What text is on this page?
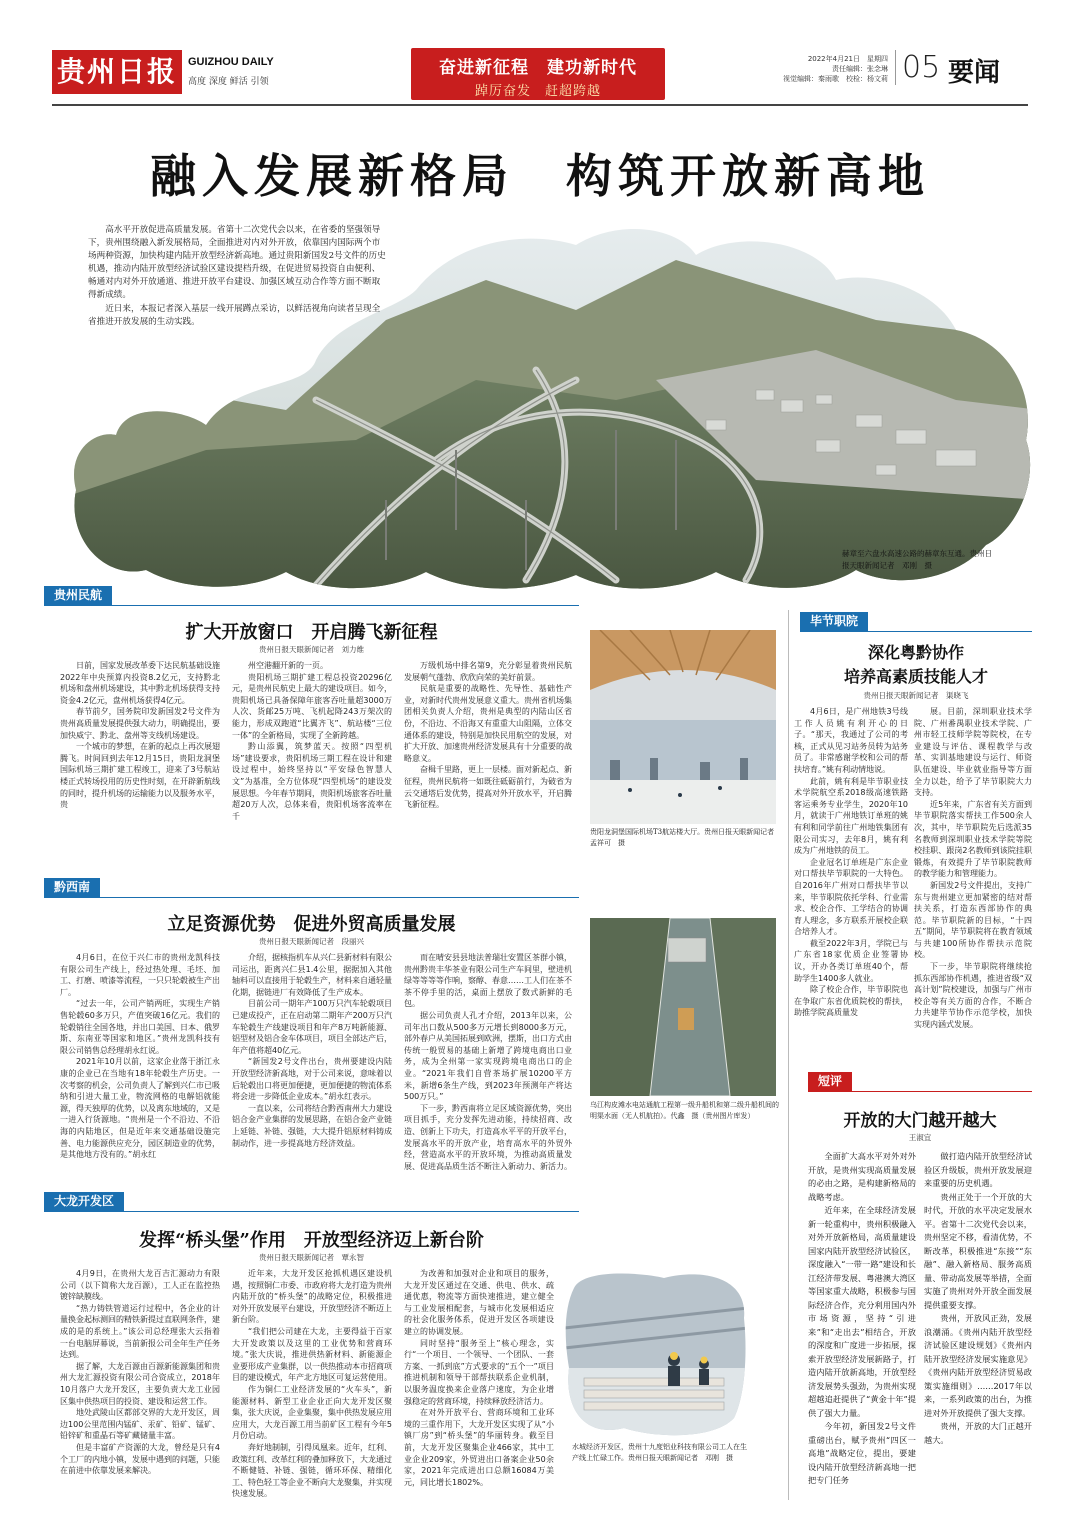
贵州日报	GUIZHOU DAILY
高度 深度 鲜活 引领
奋进新征程　建功新时代
踔厉奋发　赶超跨越
2022年4月21日　星期四
责任编辑：张念琳
视觉编辑：秦雨歌　校检：杨文莉 05 要闻
融入发展新格局　构筑开放新高地

高水平开放促进高质量发展。省第十二次党代会以来，在省委的坚强领导下，贵州围绕融入新发展格局，全面推进对内对外开放，依靠国内国际两个市场两种资源，加快构建内陆开放型经济新高地。通过贵阳新国发2号文件的历史机遇，推动内陆开放型经济试验区建设提档升级，在促进贸易投资自由便利、畅通对内对外开放通道、推进开放平台建设、加强区域互动合作等方面不断取得新成绩。

近日来，本报记者深入基层一线开展蹲点采访，以鲜活视角向读者呈现全省推进开放发展的生动实践。

赫章至六盘水高速公路的赫章东互通。贵州日报天眼新闻记者　邓刚　摄
贵州民航
扩大开放窗口　开启腾飞新征程
贵州日报天眼新闻记者　刘力维

日前，国家发展改革委下达民航基础设施2022年中央预算内投资8.2亿元，支持黔北机场和盘州机场建设，其中黔北机场获得支持资金4.2亿元，盘州机场获得4亿元。

春节前夕，国务院印发新国发2号文件为贵州高质量发展提供强大动力，明确提出，要加快威宁、黔北、盘州等支线机场建设。

一个城市的梦想，在新的起点上再次展翅腾飞。时间回到去年12月15日，贵阳龙洞堡国际机场三期扩建工程竣工，迎来了3号航站楼正式转场投用的历史性时刻，在开辟新航线的同时，提升机场的运输能力以及服务水平，贵

州空港翻开新的一页。

贵阳机场三期扩建工程总投资20296亿元，是贵州民航史上最大的建设项目。如今，贵阳机场已具备保障年旅客吞吐量超3000万人次、货邮25万吨、飞机起降243万架次的能力，形成双跑道“比翼齐飞”、航站楼“三位一体”的全新格局，实现了全新跨越。

黔山添翼，筑梦蓝天。按照“四型机场”建设要求，贵阳机场三期工程在设计和建设过程中，始终坚持以“平安绿色智慧人文”为基准，全方位体现“四型机场”的建设发展思想。今年春节期间，贵阳机场旅客吞吐量超20万人次，总体来看，贵阳机场客流率在千

万级机场中排名第9，充分彰显着贵州民航发展朝气蓬勃、欣欣向荣的美好前景。

民航是重要的战略性、先导性、基础性产业，对新时代贵州发展意义重大。贵州省机场集团相关负责人介绍，贵州是典型的内陆山区省份，不沿边、不沿海又有重重大山阻隔，立体交通体系的建设，特别是加快民用航空的发展，对扩大开放、加速贵州经济发展具有十分重要的战略意义。

奋楫千里路，更上一层楼。面对新起点、新征程，贵州民航将一如既往砥砺前行，为破省为云交通塔后发优势，提高对外开放水平，开启腾飞新征程。

贵阳龙洞堡国际机场T3航站楼大厅。贵州日报天眼新闻记者　孟祥可　摄
黔西南
立足资源优势　促进外贸高质量发展
贵州日报天眼新闻记者　段丽兴

4月6日，在位于兴仁市的贵州龙凯科技有限公司生产线上，经过热处理、毛坯、加工、打磨、喷漆等流程，一只只轮毂被生产出厂。

“过去一年，公司产销两旺，实现生产销售轮毂60多万只，产值突破16亿元。我们的轮毂销往全国各地，并出口美国、日本、俄罗斯、东南亚等国家和地区。”贵州龙凯科技有限公司销售总经理胡永红说。

2021年10月以前，这家企业落于浙江永康的企业已在当地有18年轮毂生产历史。一次考察的机会，公司负责人了解到兴仁市已吸纳和引进大量工业，物流网格的电解铝就能源，得天独厚的优势，以及离东地域的，又是一进入行货源地。“贵州是一个不沿边、不沿海的内陆地区，但是近年来交通基础设施完善、电力能源供应充分，园区制造业的优势，是其他地方没有的。”胡永红

介绍，据核指机车从兴仁县新材料有限公司运出，距离兴仁县1.4公里，据据加入其他轴料可以直接用于轮毂生产，材料来自通轻量化期，据链进厂有效降低了生产成本。

目前公司一期年产100万只汽车轮毂项目已建成投产，正在启动第二期年产200万只汽车轮毂生产线建设项目和年产8万吨新能源、铝型材及铝合金车体项目，项目全部达产后，年产值将超40亿元。

“新国发2号文件出台，贵州要建设内陆开放型经济新高地，对于公司来说，意味着以后轮毂出口将更加便捷，更加便捷的物流体系将会进一步降低企业成本。”胡永红表示。

一直以来，公司将结合黔西南州大力建设铝合金产业集群的发展思路，在铝合金产业链上延链、补链、强链，大大提升铝原材料铸成制动作，进一步提高地方经济效益。

而在晴安县县地法普瑞壮安置区茶群小镇，贵州黔贵丰华茶业有限公司生产车间里，壁进机绿等等等等作响，察醇、春意……工人们在茶不茶不停手里的活，桌面上摆放了数式新鲜的毛包。

据公司负责人孔才介绍，2013年以来，公司年出口数从500多万元增长到8000多万元，部外春户从美国拓展到欧洲，摆斯，出口方式由传统一般贸易的基础上新增了跨境电商出口业务，成为全州第一家实现跨境电商出口的企业。“2021年我们自营茶场扩展10200平方米，新增6条生产线，到2023年预测年产将达500万只。”

下一步，黔西南将立足区域资源优势，突出项目抓手，充分发挥先进动能，持续招商、改造、创新上下功夫，打造高水平平的开放平台，发展高水平的开放产业，培育高水平的外贸外经，营造高水平的开放环境，为推动高质量发展、促进高品质生活不断注入新动力、新活力。

乌江构皮滩水电站通航工程第一级升船机和第二级升船机间的明渠水面（无人机航拍）。代鑫　摄（贵州图片库发）
大龙开发区
发挥“桥头堡”作用　开放型经济迈上新台阶
贵州日报天眼新闻记者　覃永智

4月9日，在贵州大龙百吉汇源动力有限公司（以下简称大龙百源），工人正在监控热镀锌缺膜线。

“热力铸铁管道运行过程中，各企业的计量换金起标测回的精铁新提过直联网条件，建成的是的系统上。”该公司总经理张大云指着一台电脑屏幕说，当前新报公司全年生产任务达到。

据了解，大龙百源由百源新能源集团和贵州大龙汇源投资有限公司合资成立，2018年10月落户大龙开发区，主要负责大龙工业园区集中供热项目的投资、建设和运营工作。

地处武陵山区都部交界的大龙开发区，周边100公里范围内锰矿、汞矿、铅矿、锰矿、铅锌矿和重晶石等矿藏储量丰富。

但是丰富矿产资源的大龙，曾经是只有4个工厂的内地小镇，发展中遇到的问题，只能在前进中依靠发展来解决。

近年来，大龙开发区抢抓机遇区建设机遇，按照铜仁市委、市政府将大龙打造为贵州内陆开放的“桥头堡”的战略定位，积极推进对外开放发展平台建设，开放型经济不断迈上新台阶。

“我们把公司建在大龙，主要得益于百家大开发政策以及这里的工业优势和营商环境。”张大庆说，推进供热新材料、新能源企业要形成产业集群，以一供热推动本市招商项目的建设模式，年产北方地区可复运营使用。

作为铜仁工业经济发展的“火车头”，新能源材料、新型工业企业正向大龙开发区聚集，张大庆说，企业集聚，集中供热发展应用应用大，大龙百源工用当前矿区工程有今年5月份启动。

奔好地制制，引得凤凰来。近年，红利、政策红利、改革红利的叠加释放下，大龙通过不断健链、补链、强链，循环环保、精细化工、特色轻工等企业不断向大龙聚集，并实现快速发展。

为改善和加强对企业和项目的服务，大龙开发区通过在交通、供电、供水、疏通优惠，物流等方面快速推进，建立健全与工业发展相配套，与城市化发展相适应的社会化服务体系，促进开发区各项建设建立的协调发展。

同时坚持“服务至上”核心理念，实行“一个项目、一个领导、一个团队、一套方案、一抓到底”方式要求的“五个一”项目推进机制和领导干部帮扶联系企业机制，以服务温度换来企业落户速度，为企业增强稳定的营商环境，持续释放经济活力。

在对外开放平台、营商环境和工业环境的三重作用下，大龙开发区实现了从“小镇厂房”到“桥头堡”的华丽转身。截至目前，大龙开发区聚集企业466家，其中工业企业209家，外贸进出口备案企业50余家，2021年完成进出口总额16084万美元，同比增长1802%。

水城经济开发区，贵州十九度铝业科技有限公司工人在生产线上忙碌工作。贵州日报天眼新闻记者　邓刚　摄
毕节职院
深化粤黔协作
培养高素质技能人才
贵州日报天眼新闻记者　渠晓飞

4月6日，是广州地铁3号线工作人员姚有利开心的日子。“那天，我通过了公司的考核，正式从见习站务员转为站务员了。非常感谢学校和公司的帮扶培育。”姚有利动情地说。

此前，姚有利是毕节职业技术学院航空系2018级高速铁路客运乘务专业学生，2020年10月，就读于广州地铁订单班的姚有利和同学前往广州地铁集团有限公司实习，去年8月，姚有利成为广州地铁的员工。

企业冠名订单班是广东企业对口帮扶毕节职院的一大特色。自2016年广州对口帮扶毕节以来，毕节职院依托学科、行业需求、校企合作、工学结合的协调育人理念，多方联系开展校企联合培养人才。

截至2022年3月，学院已与广东省18家优质企业签署协议，开办各类订单班40个，帮助学生1400多人就业。

除了校企合作，毕节职院也在争取广东省优质院校的帮扶，助推学院高质量发

展。目前，深圳职业技术学院、广州番禺职业技术学院、广州市轻工技师学院等院校，在专业建设与评估、课程教学与改革、实训基地建设与运行、师资队伍建设、毕业就业指导等方面全力以赴，给予了毕节职院大力支持。

近5年来，广东省有关方面到毕节职院落实帮扶工作500余人次，其中，毕节职院先后选派35名教师到深圳职业技术学院等院校挂职、跟岗2名教师到该院挂职锻炼，有效提升了毕节职院教师的教学能力和管理能力。

新国发2号文件提出，支持广东与贵州建立更加紧密的结对帮扶关系，打造东西部协作的典范。毕节职院新的目标，“十四五”期间，毕节职院将在教育领域与共建100所协作帮扶示范院校。

下一步，毕节职院将继续抢抓东西部协作机遇，推进省级“双高计划”院校建设，加强与广州市校企等有关方面的合作，不断合力共建毕节协作示范学校，加快实现内涵式发展。

短评
开放的大门越开越大
王淑宜

全面扩大高水平对外对外开放，是贵州实现高质量发展的必由之路，是构建新格局的战略考虑。

近年来，在全球经济发展新一轮重构中，贵州积极融入对外开放新格局，高质量建设国家内陆开放型经济试验区，深度融入“一带一路”建设和长江经济带发展、粤港澳大湾区等国家重大战略，积极参与国际经济合作，充分利用国内外市场资源，坚持“引进来”和“走出去”相结合，开放的深度和广度进一步拓展，探索开放型经济发展新路子，打造内陆开放新高地，开放型经济发展势头强劲，为贵州实现超越追赶提供了“黄金十年”提供了强大力量。

今年初，新国发2号文件重磅出台，赋予贵州“四区一高地”战略定位，提出，要建设内陆开放型经济新高地一把把专门任务

做打造内陆开放型经济试验区升级版，贵州开放发展迎来重要的历史机遇。

贵州正处于一个开放的大时代，开放的水平决定发展水平。省第十二次党代会以来，贵州坚定不移，看清优势，不断改革，积极推进“东接”“东融”、融入新格局、服务高质量、带动高发展等举措，全面实施了贵州对外开放全面发展提供重要支撑。

贵州，开放风正劲，发展浪潮涌。《贵州内陆开放型经济试验区建设规划》《贵州内陆开放型经济发展实施意见》《贵州内陆开放型经济贸易政策实施细则》……2017年以来，一系列政策的出台，为推进对外开放提供了强大支撑。

贵州，开放的大门正越开越大。
